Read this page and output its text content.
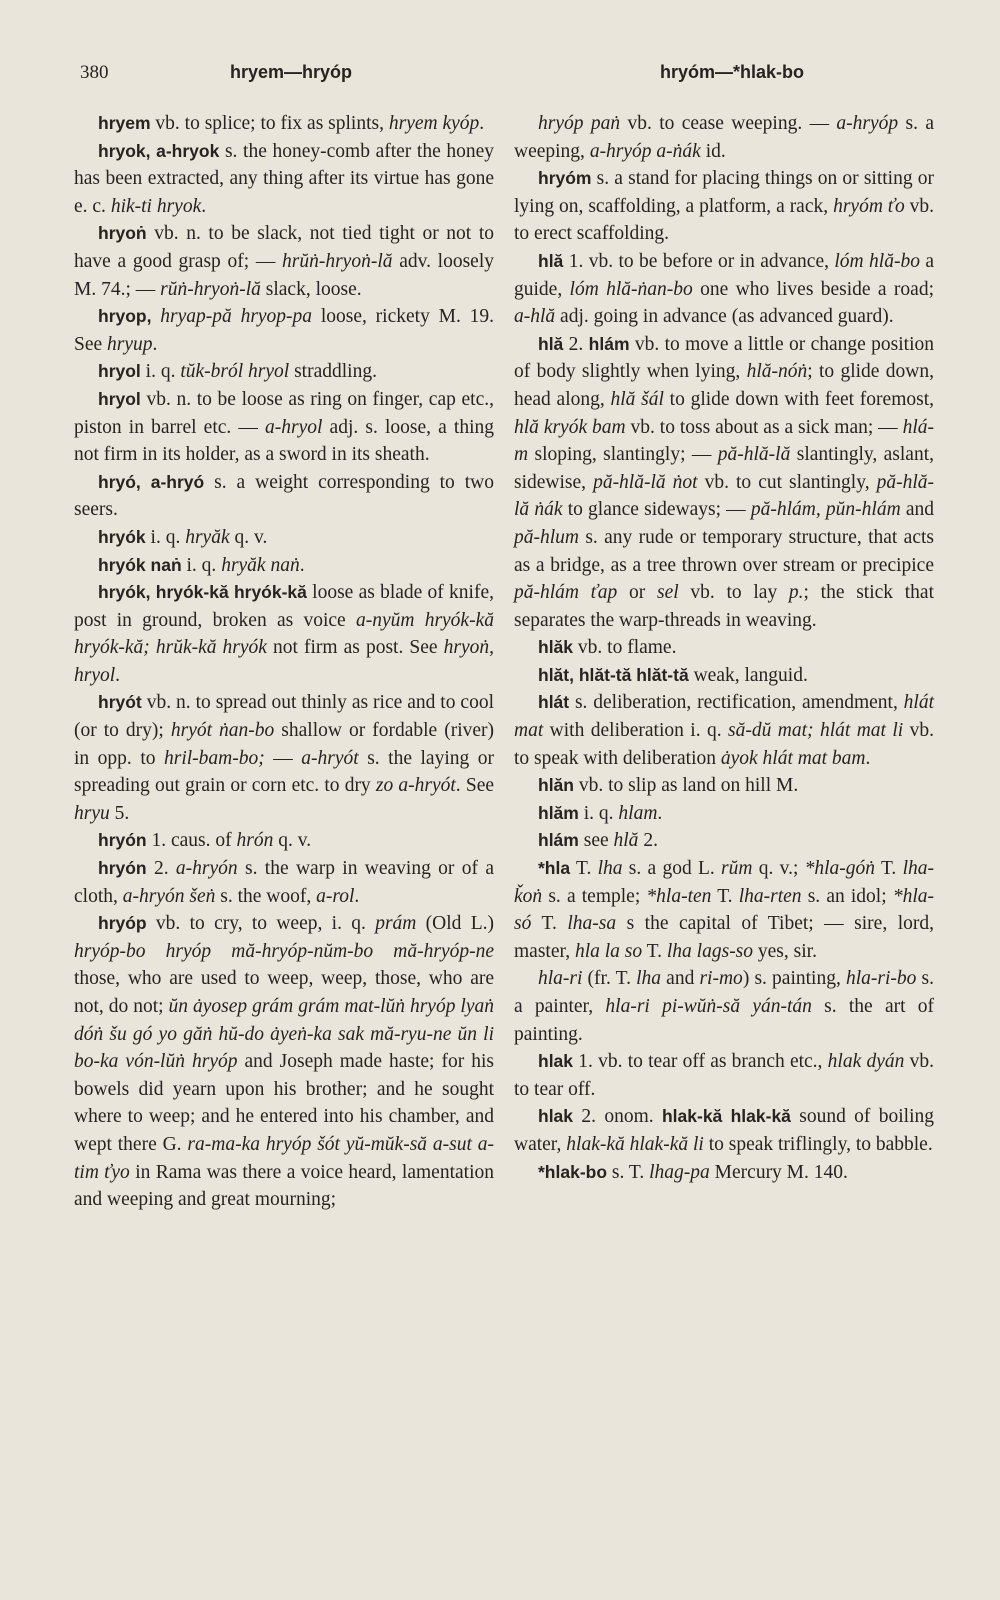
380	hryem—hryóp	hryóm—*hlak-bo

hryem vb. to splice; to fix as splints, hryem kyóp.

hryok, a-hryok s. the honey-comb after the honey has been extracted, any thing after its virtue has gone e. c. hik-ti hryok.

hryoṅ vb. n. to be slack, not tied tight or not to have a good grasp of; — hrŭṅ-hryoṅ-lă adv. loosely M. 74.; — rŭṅ-hryoṅ-lă slack, loose.

hryop, hryap-pă hryop-pa loose, rickety M. 19. See hryup.

hryol i. q. tŭk-bról hryol straddling.

hryol vb. n. to be loose as ring on finger, cap etc., piston in barrel etc. — a-hryol adj. s. loose, a thing not firm in its holder, as a sword in its sheath.

hryó, a-hryó s. a weight corresponding to two seers.

hryók i. q. hryăk q. v.

hryók naṅ i. q. hryăk naṅ.

hryók, hryók-kă hryók-kă loose as blade of knife, post in ground, broken as voice a-nyŭm hryók-kă hryók-kă; hrŭk-kă hryók not firm as post. See hryoṅ, hryol.

hryót vb. n. to spread out thinly as rice and to cool (or to dry); hryót ṅan-bo shallow or fordable (river) in opp. to hril-bam-bo; — a-hryót s. the laying or spreading out grain or corn etc. to dry zo a-hryót. See hryu 5.

hryón 1. caus. of hrón q. v.

hryón 2. a-hryón s. the warp in weaving or of a cloth, a-hryón šeṅ s. the woof, a-rol.

hryóp vb. to cry, to weep, i. q. prám (Old L.) hryóp-bo hryóp mă-hryóp-nŭm-bo mă-hryóp-ne those, who are used to weep, weep, those, who are not, do not; ŭn ȧyosep grám grám mat-lŭṅ hryóp lyaṅ dóṅ šu gó yo găṅ hŭ-do ȧyeṅ-ka sak mă-ryu-ne ŭn li bo-ka vón-lŭṅ hryóp and Joseph made haste; for his bowels did yearn upon his brother; and he sought where to weep; and he entered into his chamber, and wept there G. ra-ma-ka hryóp šót yŭ-mŭk-să a-sut a-tim ťyo in Rama was there a voice heard, lamentation and weeping and great mourning;

hryóp paṅ vb. to cease weeping. — a-hryóp s. a weeping, a-hryóp a-ṅák id.

hryóm s. a stand for placing things on or sitting or lying on, scaffolding, a platform, a rack, hryóm ťo vb. to erect scaffolding.

hlă 1. vb. to be before or in advance, lóm hlă-bo a guide, lóm hlă-ṅan-bo one who lives beside a road; a-hlă adj. going in advance (as advanced guard).

hlă 2. hlám vb. to move a little or change position of body slightly when lying, hlă-nóṅ; to glide down, head along, hlă šál to glide down with feet foremost, hlă kryók bam vb. to toss about as a sick man; — hlá-m sloping, slantingly; — pă-hlă-lă slantingly, aslant, sidewise, pă-hlă-lă ṅot vb. to cut slantingly, pă-hlă-lă ṅák to glance sideways; — pă-hlám, pŭn-hlám and pă-hlum s. any rude or temporary structure, that acts as a bridge, as a tree thrown over stream or precipice pă-hlám ťap or sel vb. to lay p.; the stick that separates the warp-threads in weaving.

hlăk vb. to flame.

hlăt, hlăt-tă hlăt-tă weak, languid.

hlát s. deliberation, rectification, amendment, hlát mat with deliberation i. q. să-dŭ mat; hlát mat li vb. to speak with deliberation ȧyok hlát mat bam.

hlăn vb. to slip as land on hill M.

hlăm i. q. hlam.

hlám see hlă 2.

*hla T. lha s. a god L. rŭm q. v.; *hla-góṅ T. lha-ǩoṅ s. a temple; *hla-ten T. lha-rten s. an idol; *hla-só T. lha-sa s the capital of Tibet; — sire, lord, master, hla la so T. lha lags-so yes, sir.

hla-ri (fr. T. lha and ri-mo) s. painting, hla-ri-bo s. a painter, hla-ri pi-wŭṅ-să yán-tán s. the art of painting.

hlak 1. vb. to tear off as branch etc., hlak dyán vb. to tear off.

hlak 2. onom. hlak-kă hlak-kă sound of boiling water, hlak-kă hlak-kă li to speak triflingly, to babble.

*hlak-bo s. T. lhag-pa Mercury M. 140.
